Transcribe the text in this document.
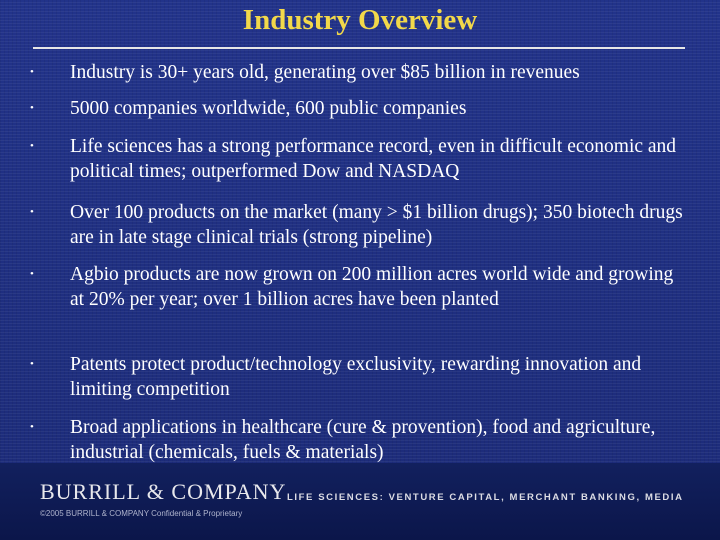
Industry Overview
•	Industry is 30+ years old, generating over $85 billion in revenues
•	5000 companies worldwide, 600 public companies
•	Life sciences has a strong performance record, even in difficult economic and political times; outperformed Dow and NASDAQ
•	Over 100 products on the market (many > $1 billion drugs); 350 biotech drugs are in late stage clinical trials (strong pipeline)
•	Agbio products are now grown on 200 million acres world wide and growing at 20% per year; over 1 billion acres have been planted
•	Patents protect product/technology exclusivity, rewarding innovation and limiting competition
•	Broad applications in healthcare (cure & provention), food and agriculture, industrial (chemicals, fuels & materials)
BURRILL & COMPANY LIFE SCIENCES: VENTURE CAPITAL, MERCHANT BANKING, MEDIA
©2005 BURRILL & COMPANY Confidential & Proprietary
